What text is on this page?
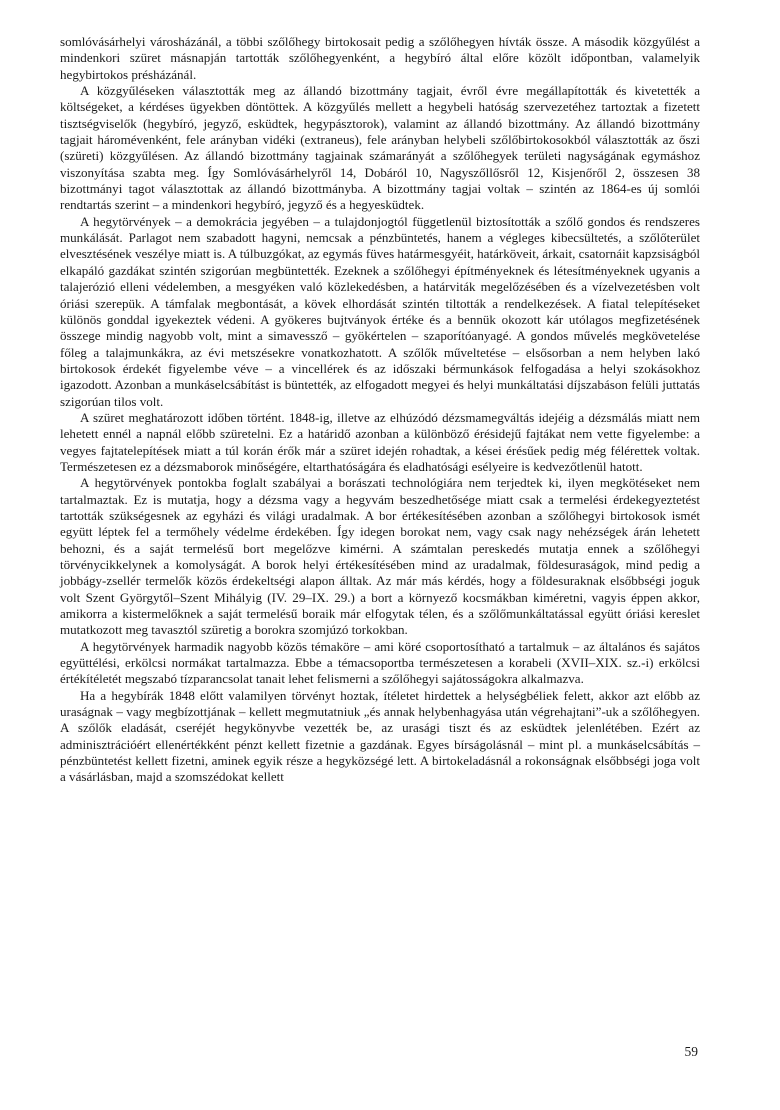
somlóvásárhelyi városházánál, a többi szőlőhegy birtokosait pedig a szőlőhegyen hívták össze. A második közgyűlést a mindenkori szüret másnapján tartották szőlőhegyenként, a hegybíró által előre közölt időpontban, valamelyik hegybirtokos présházánál.

A közgyűléseken választották meg az állandó bizottmány tagjait, évről évre megállapították és kivetették a költségeket, a kérdéses ügyekben döntöttek. A közgyűlés mellett a hegybeli hatóság szervezetéhez tartoztak a fizetett tisztségviselők (hegybíró, jegyző, esküdtek, hegypásztorok), valamint az állandó bizottmány. Az állandó bizottmány tagjait háromévenként, fele arányban vidéki (extraneus), fele arányban helybeli szőlőbirtokosokból választották az őszi (szüreti) közgyűlésen. Az állandó bizottmány tagjainak számarányát a szőlőhegyek területi nagyságának egymáshoz viszonyítása szabta meg. Így Somlóvásárhelyről 14, Dobáról 10, Nagyszőllősről 12, Kisjenőről 2, összesen 38 bizottmányi tagot választottak az állandó bizottmányba. A bizottmány tagjai voltak – szintén az 1864-es új somlói rendtartás szerint – a mindenkori hegybíró, jegyző és a hegyesküdtek.

A hegytörvények – a demokrácia jegyében – a tulajdonjogtól függetlenül biztosították a szőlő gondos és rendszeres munkálását. Parlagot nem szabadott hagyni, nemcsak a pénzbüntetés, hanem a végleges kibecsültetés, a szőlőterület elvesztésének veszélye miatt is. A túlbuzgókat, az egymás füves határmesgyéit, határköveit, árkait, csatornáit kapzsiságból elkapáló gazdákat szintén szigorúan megbüntették. Ezeknek a szőlőhegyi építményeknek és létesítményeknek ugyanis a talajerózió elleni védelemben, a mesgyéken való közlekedésben, a határviták megelőzésében és a vízelvezetésben volt óriási szerepük. A támfalak megbontását, a kövek elhordását szintén tiltották a rendelkezések. A fiatal telepítéseket különös gonddal igyekeztek védeni. A gyökeres bujtványok értéke és a bennük okozott kár utólagos megfizetésének összege mindig nagyobb volt, mint a simavessző – gyökértelen – szaporítóanyagé. A gondos művelés megkövetelése főleg a talajmunkákra, az évi metszésekre vonatkozhatott. A szőlők műveltetése – elsősorban a nem helyben lakó birtokosok érdekét figyelembe véve – a vincellérek és az időszaki bérmunkások felfogadása a helyi szokásokhoz igazodott. Azonban a munkáselcsábítást is büntették, az elfogadott megyei és helyi munkáltatási díjszabáson felüli juttatás szigorúan tilos volt.

A szüret meghatározott időben történt. 1848-ig, illetve az elhúzódó dézsmamegváltás idejéig a dézsmálás miatt nem lehetett ennél a napnál előbb szüretelni. Ez a határidő azonban a különböző érésidejű fajtákat nem vette figyelembe: a vegyes fajtatelepítések miatt a túl korán érők már a szüret idején rohadtak, a kései érésűek pedig még félérettek voltak. Természetesen ez a dézsmaborok minőségére, eltarthatóságára és eladhatósági esélyeire is kedvezőtlenül hatott.

A hegytörvények pontokba foglalt szabályai a borászati technológiára nem terjedtek ki, ilyen megkötéseket nem tartalmaztak. Ez is mutatja, hogy a dézsma vagy a hegyvám beszedhetősége miatt csak a termelési érdekegyeztetést tartották szükségesnek az egyházi és világi uradalmak. A bor értékesítésében azonban a szőlőhegyi birtokosok ismét együtt léptek fel a termőhely védelme érdekében. Így idegen borokat nem, vagy csak nagy nehézségek árán lehetett behozni, és a saját termelésű bort megelőzve kimérni. A számtalan pereskedés mutatja ennek a szőlőhegyi törvénycikkelynek a komolyságát. A borok helyi értékesítésében mind az uradalmak, földesuraságok, mind pedig a jobbágy-zsellér termelők közös érdekeltségi alapon álltak. Az már más kérdés, hogy a földesuraknak elsőbbségi joguk volt Szent Györgytől–Szent Mihályig (IV. 29–IX. 29.) a bort a környező kocsmákban kiméretni, vagyis éppen akkor, amikorra a kistermelőknek a saját termelésű boraik már elfogytak télen, és a szőlőmunkáltatással együtt óriási kereslet mutatkozott meg tavasztól szüretig a borokra szomjúzó torkokban.

A hegytörvények harmadik nagyobb közös témaköre – ami köré csoportosítható a tartalmuk – az általános és sajátos együttélési, erkölcsi normákat tartalmazza. Ebbe a témacsoportba természetesen a korabeli (XVII–XIX. sz.-i) erkölcsi értékítéletét megszabó tízparancsolat tanait lehet felismerni a szőlőhegyi sajátosságokra alkalmazva.

Ha a hegybírák 1848 előtt valamilyen törvényt hoztak, ítéletet hirdettek a helységbéliek felett, akkor azt előbb az uraságnak – vagy megbízottjának – kellett megmutatniuk „és annak helybenhagyása után végrehajtani”-uk a szőlőhegyen. A szőlők eladását, cseréjét hegykönyvbe vezették be, az urasági tiszt és az esküdtek jelenlétében. Ezért az adminisztrációért ellenértékként pénzt kellett fizetnie a gazdának. Egyes bírságolásnál – mint pl. a munkáselcsábítás – pénzbüntetést kellett fizetni, aminek egyik része a hegyközségé lett. A birtokeladásnál a rokonságnak elsőbbségi joga volt a vásárlásban, majd a szomszédokat kellett

59
